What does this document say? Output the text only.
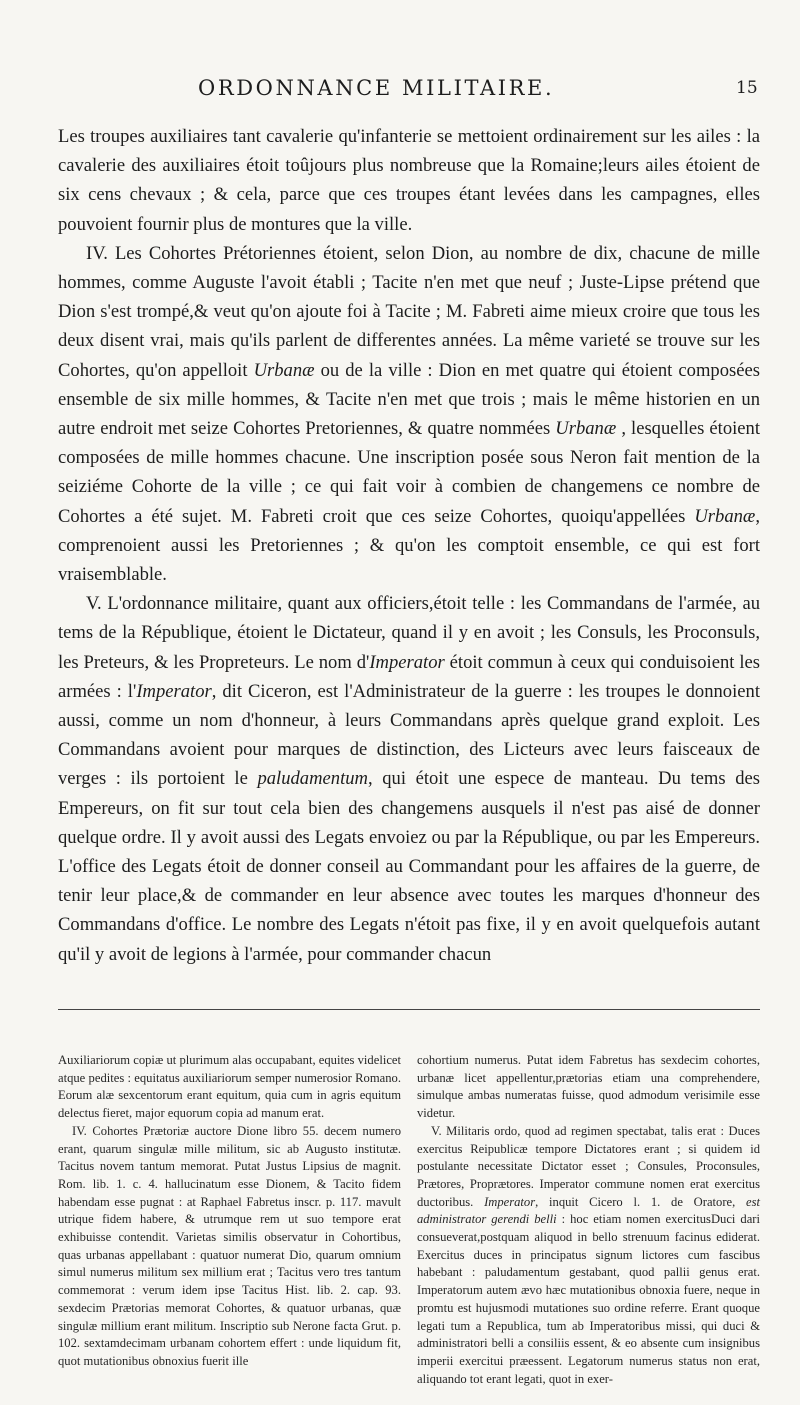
ORDONNANCE MILITAIRE.	15

Les troupes auxiliaires tant cavalerie qu'infanterie se mettoient ordinairement sur les ailes : la cavalerie des auxiliaires étoit toûjours plus nombreuse que la Romaine;leurs ailes étoient de six cens chevaux ; & cela, parce que ces troupes étant levées dans les campagnes, elles pouvoient fournir plus de montures que la ville.

IV. Les Cohortes Prétoriennes étoient, selon Dion, au nombre de dix, chacune de mille hommes, comme Auguste l'avoit établi ; Tacite n'en met que neuf ; Juste-Lipse prétend que Dion s'est trompé,& veut qu'on ajoute foi à Tacite ; M. Fabreti aime mieux croire que tous les deux disent vrai, mais qu'ils parlent de differentes années. La même varieté se trouve sur les Cohortes, qu'on appelloit Urbanæ ou de la ville : Dion en met quatre qui étoient composées ensemble de six mille hommes, & Tacite n'en met que trois ; mais le même historien en un autre endroit met seize Cohortes Pretoriennes, & quatre nommées Urbanæ , lesquelles étoient composées de mille hommes chacune. Une inscription posée sous Neron fait mention de la seiziéme Cohorte de la ville ; ce qui fait voir à combien de changemens ce nombre de Cohortes a été sujet. M. Fabreti croit que ces seize Cohortes, quoiqu'appellées Urbanæ, comprenoient aussi les Pretoriennes ; & qu'on les comptoit ensemble, ce qui est fort vraisemblable.

V. L'ordonnance militaire, quant aux officiers,étoit telle : les Commandans de l'armée, au tems de la République, étoient le Dictateur, quand il y en avoit ; les Consuls, les Proconsuls, les Preteurs, & les Propreteurs. Le nom d'Imperator étoit commun à ceux qui conduisoient les armées : l'Imperator, dit Ciceron, est l'Administrateur de la guerre : les troupes le donnoient aussi, comme un nom d'honneur, à leurs Commandans après quelque grand exploit. Les Commandans avoient pour marques de distinction, des Licteurs avec leurs faisceaux de verges : ils portoient le paludamentum, qui étoit une espece de manteau. Du tems des Empereurs, on fit sur tout cela bien des changemens ausquels il n'est pas aisé de donner quelque ordre. Il y avoit aussi des Legats envoiez ou par la République, ou par les Empereurs. L'office des Legats étoit de donner conseil au Commandant pour les affaires de la guerre, de tenir leur place,& de commander en leur absence avec toutes les marques d'honneur des Commandans d'office. Le nombre des Legats n'étoit pas fixe, il y en avoit quelquefois autant qu'il y avoit de legions à l'armée, pour commander chacun

Auxiliariorum copiæ ut plurimum alas occupabant, equites videlicet atque pedites : equitatus auxiliariorum semper numerosior Romano. Eorum alæ sexcentorum erant equitum, quia cum in agris equitum delectus fieret, major equorum copia ad manum erat.

IV. Cohortes Prætoriæ auctore Dione libro 55. decem numero erant, quarum singulæ mille militum, sic ab Augusto institutæ. Tacitus novem tantum memorat. Putat Justus Lipsius de magnit. Rom. lib. 1. c. 4. hallucinatum esse Dionem, & Tacito fidem habendam esse pugnat : at Raphael Fabretus inscr. p. 117. mavult utrique fidem habere, & utrumque rem ut suo tempore erat exhibuisse contendit. Varietas similis observatur in Cohortibus, quas urbanas appellabant : quatuor numerat Dio, quarum omnium simul numerus militum sex millium erat ; Tacitus vero tres tantum commemorat : verum idem ipse Tacitus Hist. lib. 2. cap. 93. sexdecim Prætorias memorat Cohortes, & quatuor urbanas, quæ singulæ millium erant militum. Inscriptio sub Nerone facta Grut. p. 102. sextamdecimam urbanam cohortem effert : unde liquidum fit, quot mutationibus obnoxius fuerit ille

cohortium numerus. Putat idem Fabretus has sexdecim cohortes, urbanæ licet appellentur,prætorias etiam una comprehendere, simulque ambas numeratas fuisse, quod admodum verisimile esse videtur.

V. Militaris ordo, quod ad regimen spectabat, talis erat : Duces exercitus Reipublicæ tempore Dictatores erant ; si quidem id postulante necessitate Dictator esset ; Consules, Proconsules, Prætores, Proprætores. Imperator commune nomen erat exercitus ductoribus. Imperator, inquit Cicero l. 1. de Oratore, est administrator gerendi belli : hoc etiam nomen exercitusDuci dari consueverat,postquam aliquod in bello strenuum facinus ediderat. Exercitus duces in principatus signum lictores cum fascibus habebant : paludamentum gestabant, quod pallii genus erat. Imperatorum autem ævo hæc mutationibus obnoxia fuere, neque in promtu est hujusmodi mutationes suo ordine referre. Erant quoque legati tum a Republica, tum ab Imperatoribus missi, qui duci & administratori belli a consiliis essent, & eo absente cum insignibus imperii exercitui præessent. Legatorum numerus status non erat, aliquando tot erant legati, quot in exer-
